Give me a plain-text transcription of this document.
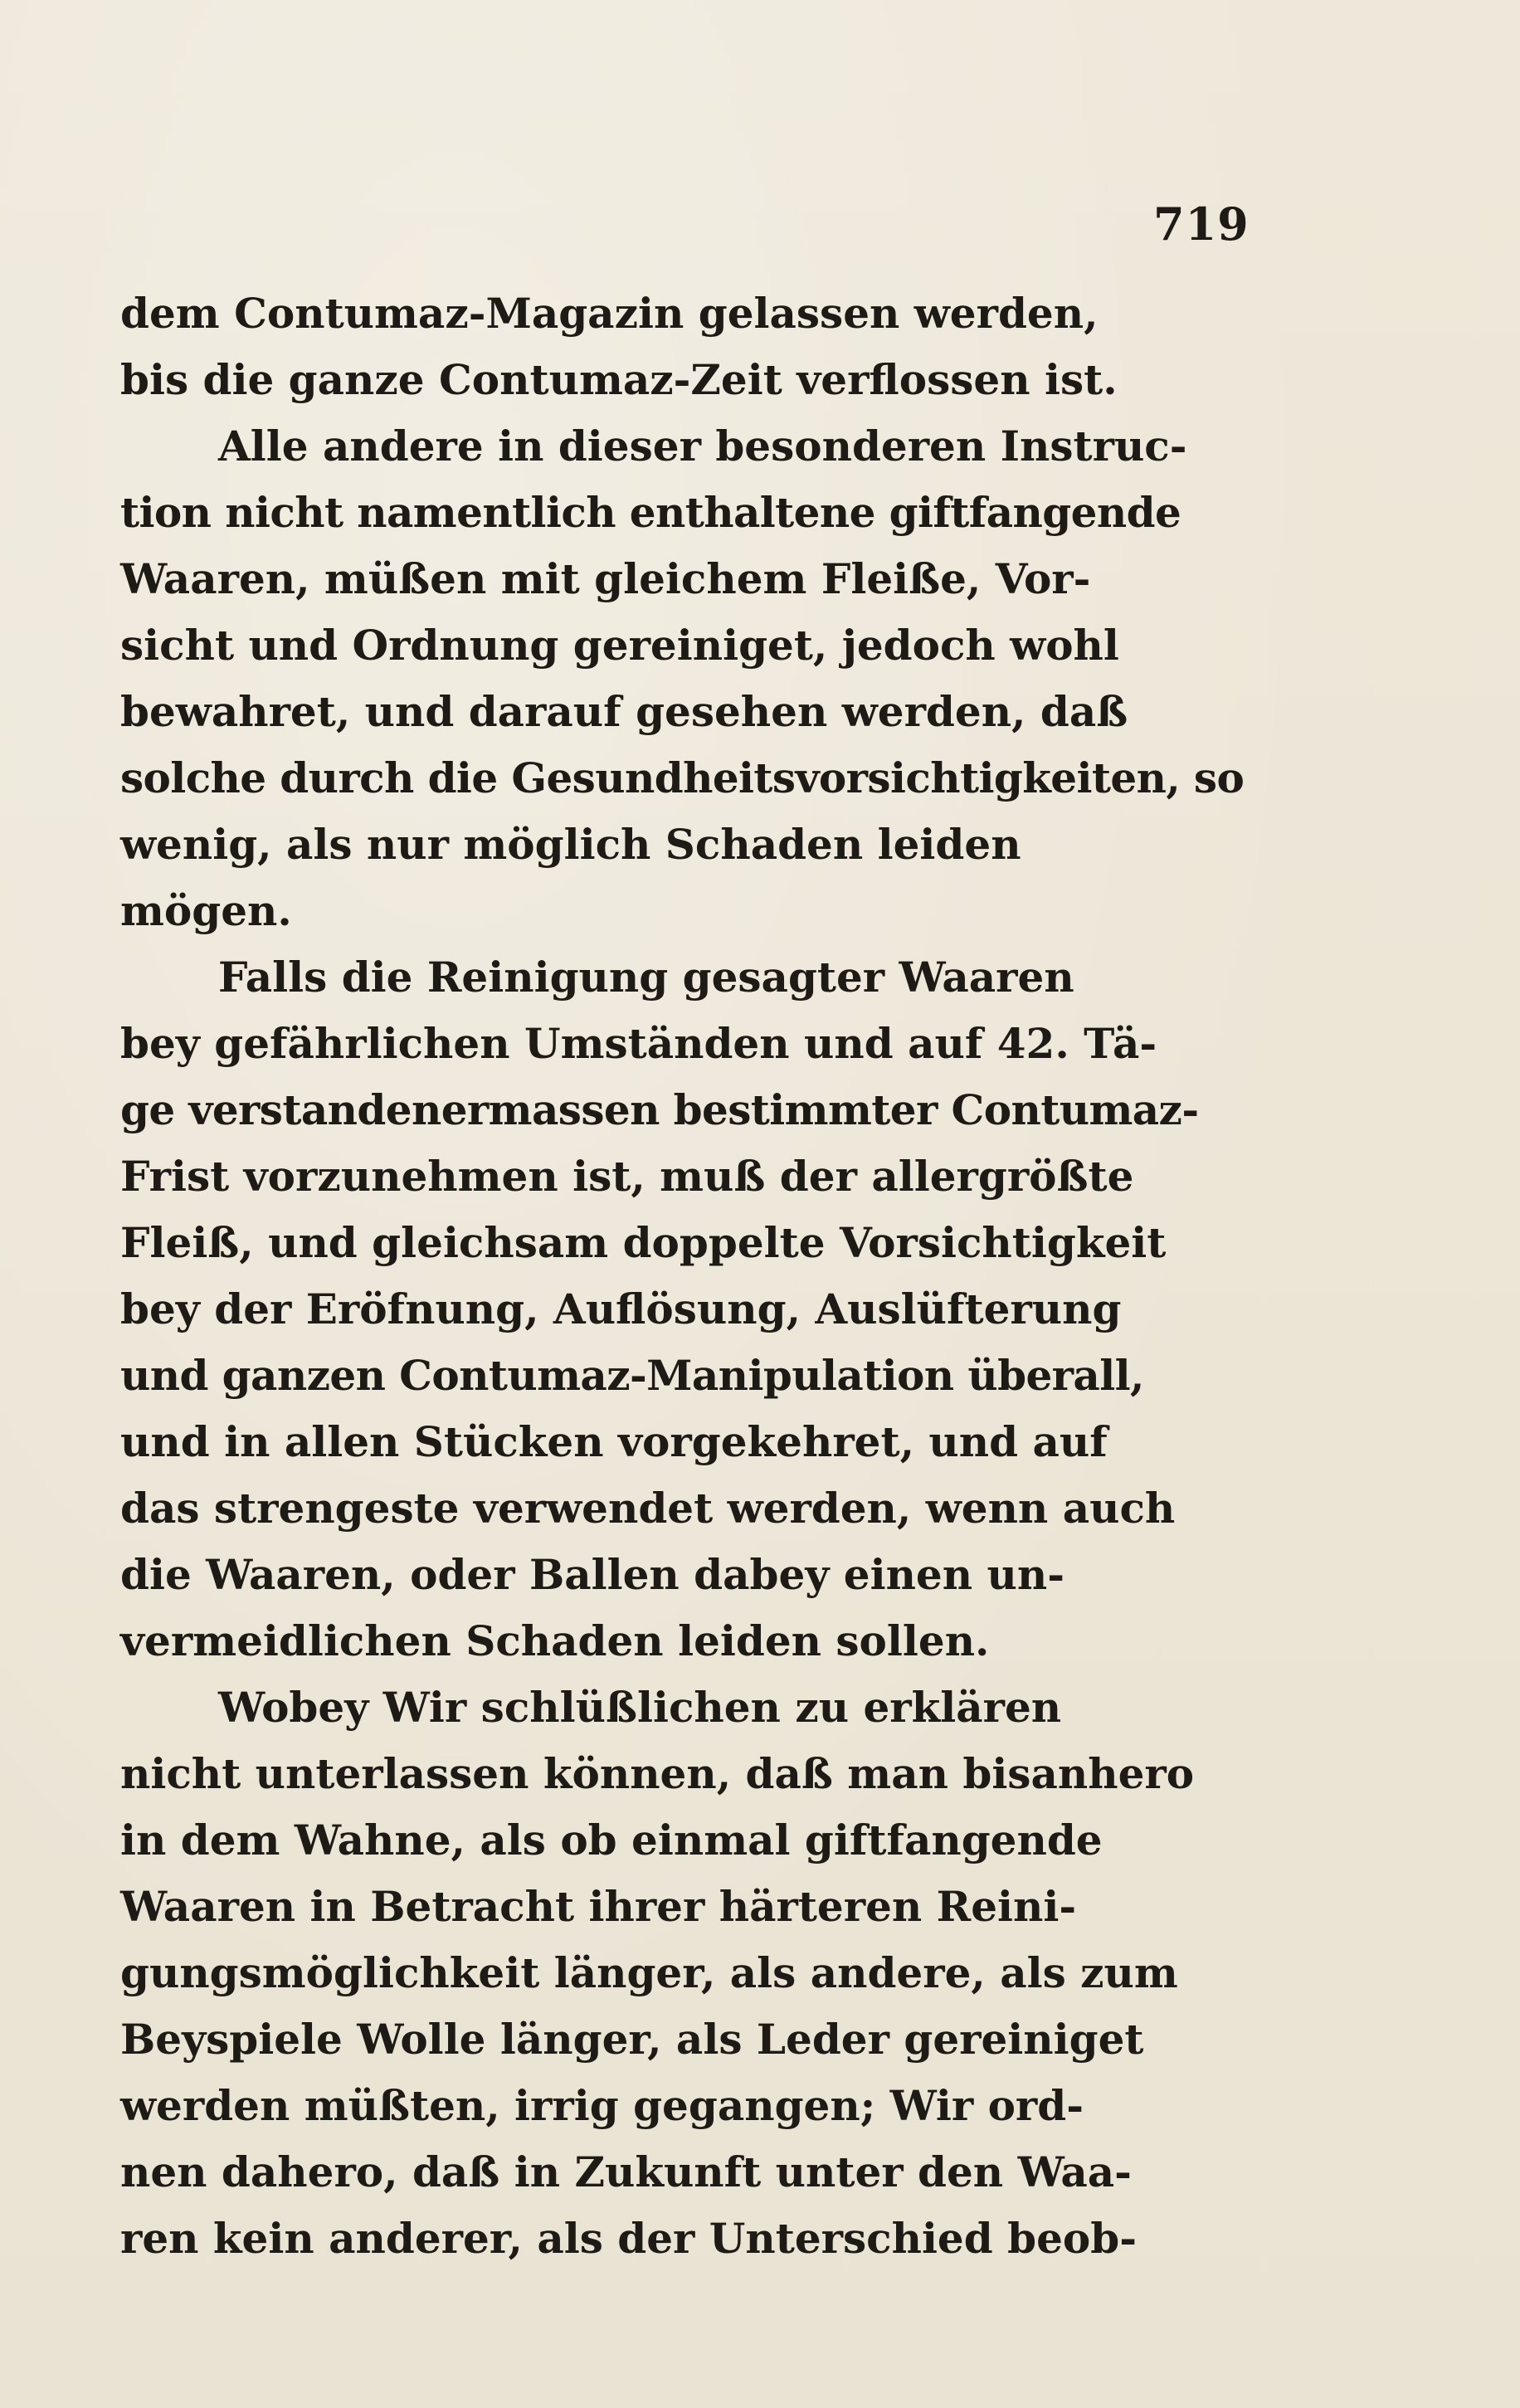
719
dem Contumaz-Magazin gelassen werden,
bis die ganze Contumaz-Zeit verflossen ist.
Alle andere in dieser besonderen Instruc-
tion nicht namentlich enthaltene giftfangende
Waaren, müßen mit gleichem Fleiße, Vor-
sicht und Ordnung gereiniget, jedoch wohl
bewahret, und darauf gesehen werden, daß
solche durch die Gesundheitsvorsichtigkeiten, so
wenig, als nur möglich Schaden leiden
mögen.
Falls die Reinigung gesagter Waaren
bey gefährlichen Umständen und auf 42. Tä-
ge verstandenermassen bestimmter Contumaz-
Frist vorzunehmen ist, muß der allergrößte
Fleiß, und gleichsam doppelte Vorsichtigkeit
bey der Eröfnung, Auflösung, Auslüfterung
und ganzen Contumaz-Manipulation überall,
und in allen Stücken vorgekehret, und auf
das strengeste verwendet werden, wenn auch
die Waaren, oder Ballen dabey einen un-
vermeidlichen Schaden leiden sollen.
Wobey Wir schlüßlichen zu erklären
nicht unterlassen können, daß man bisanhero
in dem Wahne, als ob einmal giftfangende
Waaren in Betracht ihrer härteren Reini-
gungsmöglichkeit länger, als andere, als zum
Beyspiele Wolle länger, als Leder gereiniget
werden müßten, irrig gegangen; Wir ord-
nen dahero, daß in Zukunft unter den Waa-
ren kein anderer, als der Unterschied beob-
